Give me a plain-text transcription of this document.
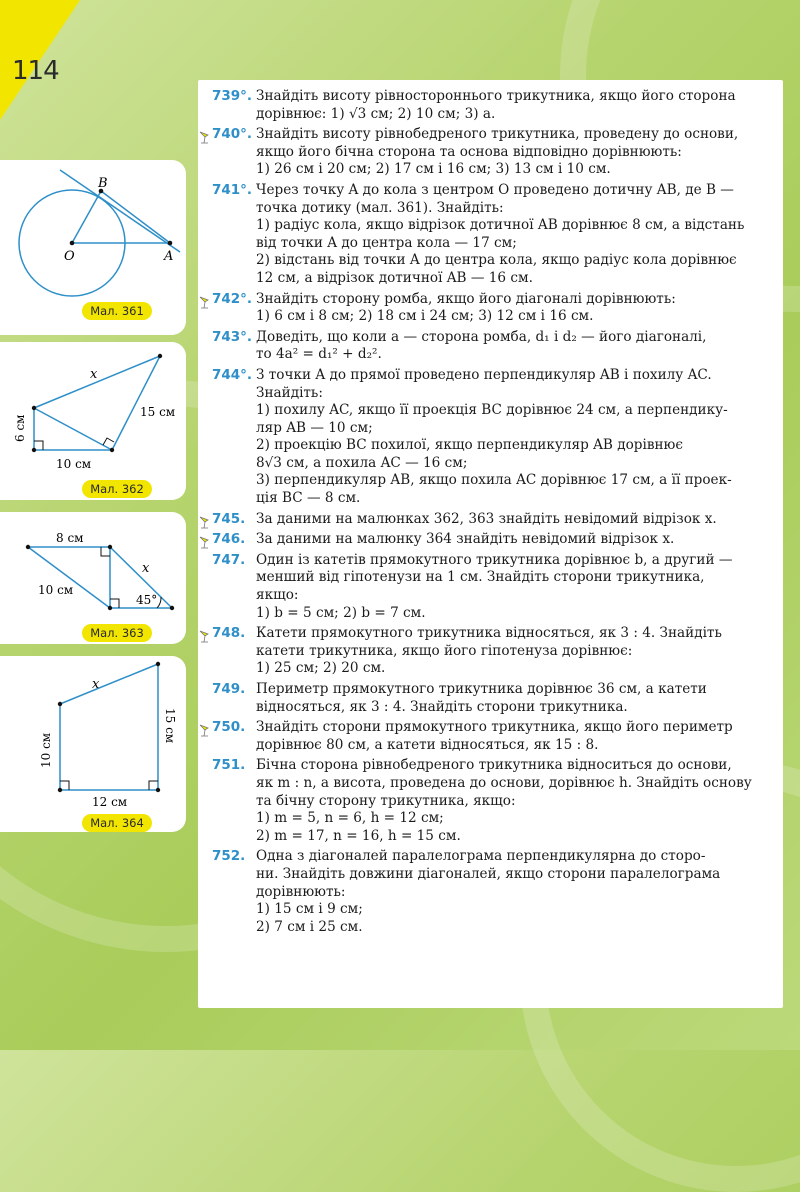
114
B
O	A
Мал. 361
x
6 см
10 см
15 см
Мал. 362
8 см
x
10 см
45°
Мал. 363
x
10 см
15 см
12 см
Мал. 364
739°. Знайдіть висоту рівностороннього трикутника, якщо його сторона
дорівнює: 1) √3 см; 2) 10 см; 3) a.
740°. Знайдіть висоту рівнобедреного трикутника, проведену до основи,
якщо його бічна сторона та основа відповідно дорівнюють:
1) 26 см і 20 см; 2) 17 см і 16 см; 3) 13 см і 10 см.
741°. Через точку A до кола з центром O проведено дотичну AB, де B —
точка дотику (мал. 361). Знайдіть:
1) радіус кола, якщо відрізок дотичної AB дорівнює 8 см, а відстань
від точки A до центра кола — 17 см;
2) відстань від точки A до центра кола, якщо радіус кола дорівнює
12 см, а відрізок дотичної AB — 16 см.
742°. Знайдіть сторону ромба, якщо його діагоналі дорівнюють:
1) 6 см і 8 см; 2) 18 см і 24 см; 3) 12 см і 16 см.
743°. Доведіть, що коли a — сторона ромба, d₁ і d₂ — його діагоналі,
то 4a² = d₁² + d₂².
744°. З точки A до прямої проведено перпендикуляр AB і похилу AC.
Знайдіть:
1) похилу AC, якщо її проекція BC дорівнює 24 см, а перпендику-
ляр AB — 10 см;
2) проекцію BC похилої, якщо перпендикуляр AB дорівнює
8√3 см, а похила AC — 16 см;
3) перпендикуляр AB, якщо похила AC дорівнює 17 см, а її проек-
ція BC — 8 см.
745. За даними на малюнках 362, 363 знайдіть невідомий відрізок x.
746. За даними на малюнку 364 знайдіть невідомий відрізок x.
747. Один із катетів прямокутного трикутника дорівнює b, а другий —
менший від гіпотенузи на 1 см. Знайдіть сторони трикутника,
якщо:
1) b = 5 см; 2) b = 7 см.
748. Катети прямокутного трикутника відносяться, як 3 : 4. Знайдіть
катети трикутника, якщо його гіпотенуза дорівнює:
1) 25 см; 2) 20 см.
749. Периметр прямокутного трикутника дорівнює 36 см, а катети
відносяться, як 3 : 4. Знайдіть сторони трикутника.
750. Знайдіть сторони прямокутного трикутника, якщо його периметр
дорівнює 80 см, а катети відносяться, як 15 : 8.
751. Бічна сторона рівнобедреного трикутника відноситься до основи,
як m : n, а висота, проведена до основи, дорівнює h. Знайдіть основу
та бічну сторону трикутника, якщо:
1) m = 5, n = 6, h = 12 см;
2) m = 17, n = 16, h = 15 см.
752. Одна з діагоналей паралелограма перпендикулярна до сторо-
ни. Знайдіть довжини діагоналей, якщо сторони паралелограма
дорівнюють:
1) 15 см і 9 см;
2) 7 см і 25 см.
